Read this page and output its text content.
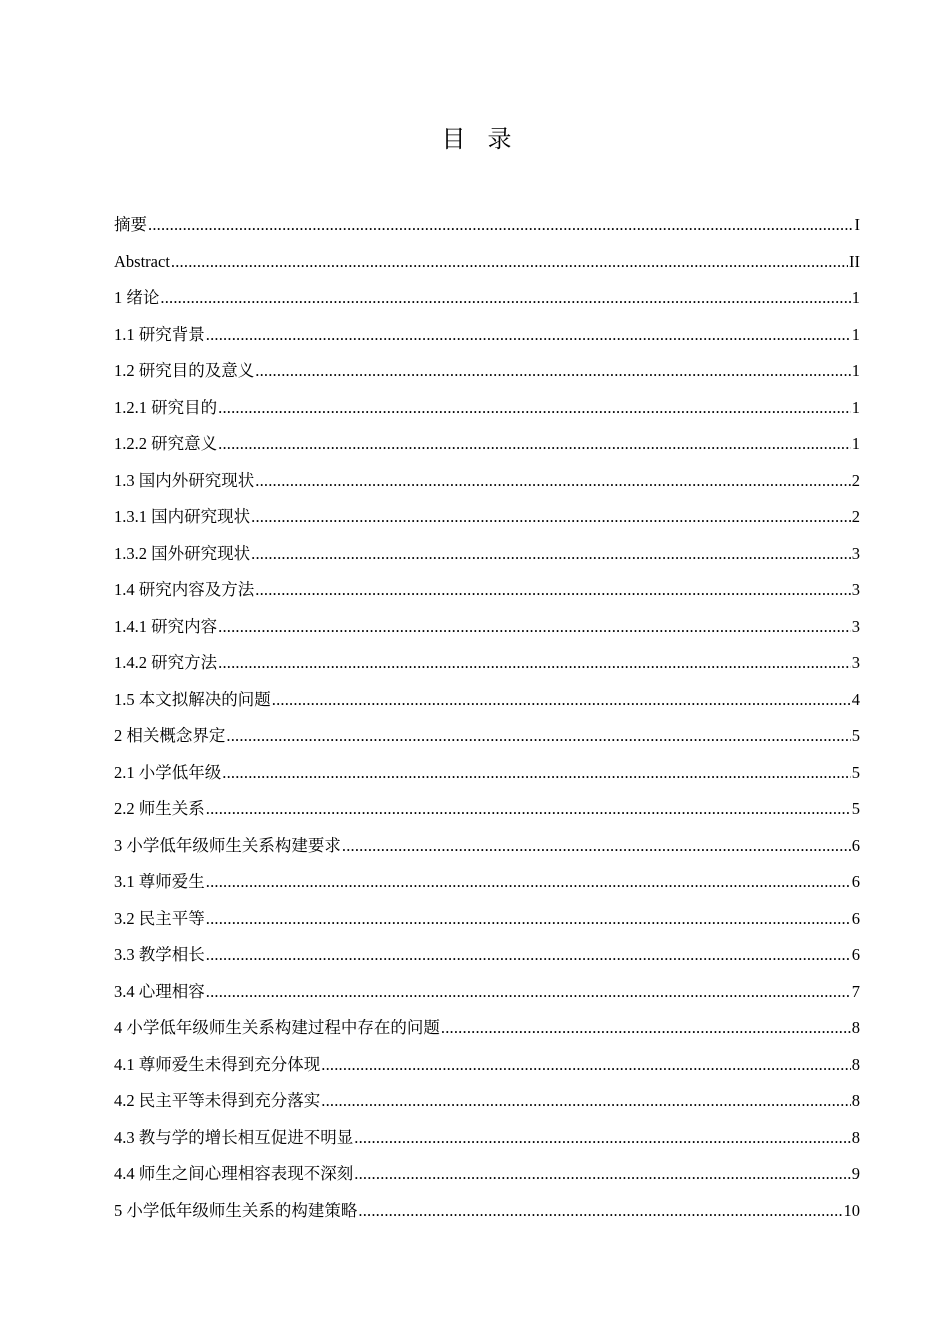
目录
摘要 .....	I
Abstract .....	II
1 绪论 .....	1
1.1 研究背景 .....	1
1.2 研究目的及意义 .....	1
1.2.1 研究目的 .....	1
1.2.2 研究意义 .....	1
1.3 国内外研究现状 .....	2
1.3.1 国内研究现状 .....	2
1.3.2 国外研究现状 .....	3
1.4 研究内容及方法 .....	3
1.4.1 研究内容 .....	3
1.4.2 研究方法 .....	3
1.5 本文拟解决的问题 .....	4
2 相关概念界定 .....	5
2.1 小学低年级 .....	5
2.2 师生关系 .....	5
3 小学低年级师生关系构建要求 .....	6
3.1 尊师爱生 .....	6
3.2 民主平等 .....	6
3.3 教学相长 .....	6
3.4 心理相容 .....	7
4 小学低年级师生关系构建过程中存在的问题 .....	8
4.1 尊师爱生未得到充分体现 .....	8
4.2 民主平等未得到充分落实 .....	8
4.3 教与学的增长相互促进不明显 .....	8
4.4 师生之间心理相容表现不深刻 .....	9
5 小学低年级师生关系的构建策略 .....	10
